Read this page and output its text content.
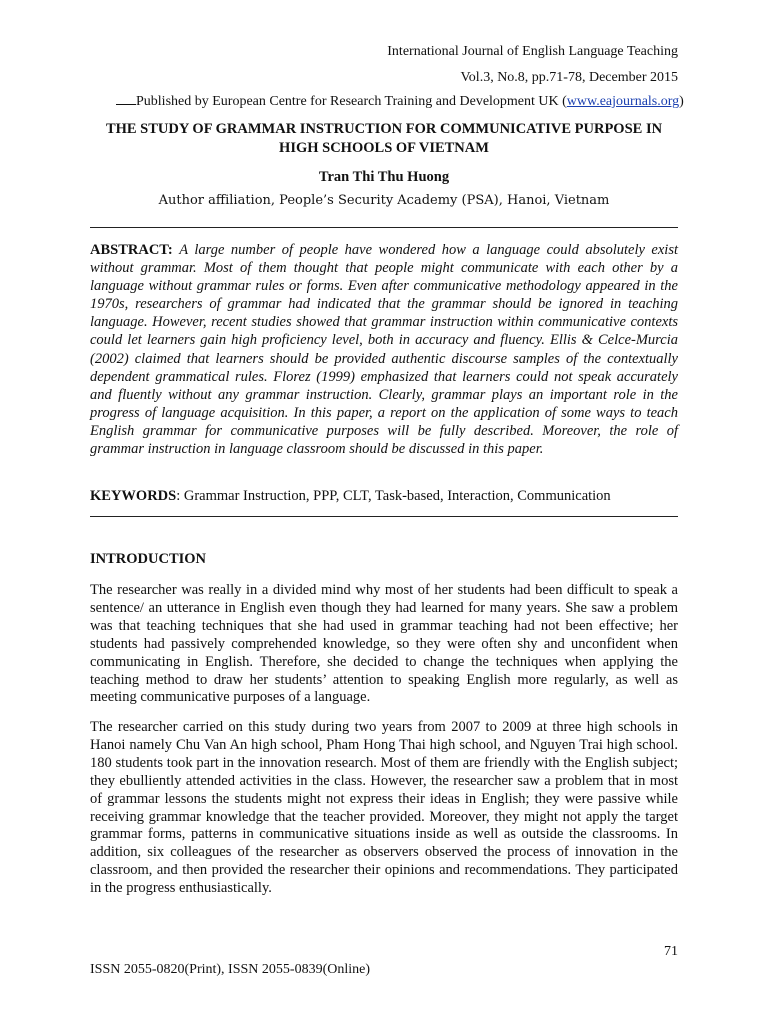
International Journal of English Language Teaching
Vol.3, No.8, pp.71-78, December 2015
Published by European Centre for Research Training and Development UK (www.eajournals.org)
THE STUDY OF GRAMMAR INSTRUCTION FOR COMMUNICATIVE PURPOSE IN HIGH SCHOOLS OF VIETNAM
Tran Thi Thu Huong
Author affiliation, People’s Security Academy (PSA), Hanoi, Vietnam
ABSTRACT: A large number of people have wondered how a language could absolutely exist without grammar. Most of them thought that people might communicate with each other by a language without grammar rules or forms. Even after communicative methodology appeared in the 1970s, researchers of grammar had indicated that the grammar should be ignored in teaching language. However, recent studies showed that grammar instruction within communicative contexts could let learners gain high proficiency level, both in accuracy and fluency. Ellis & Celce-Murcia (2002) claimed that learners should be provided authentic discourse samples of the contextually dependent grammatical rules. Florez (1999) emphasized that learners could not speak accurately and fluently without any grammar instruction. Clearly, grammar plays an important role in the progress of language acquisition. In this paper, a report on the application of some ways to teach English grammar for communicative purposes will be fully described. Moreover, the role of grammar instruction in language classroom should be discussed in this paper.
KEYWORDS: Grammar Instruction, PPP, CLT, Task-based, Interaction, Communication
INTRODUCTION
The researcher was really in a divided mind why most of her students had been difficult to speak a sentence/ an utterance in English even though they had learned for many years. She saw a problem was that teaching techniques that she had used in grammar teaching had not been effective; her students had passively comprehended knowledge, so they were often shy and unconfident when communicating in English. Therefore, she decided to change the techniques when applying the teaching method to draw her students’ attention to speaking English more regularly, as well as meeting communicative purposes of a language.
The researcher carried on this study during two years from 2007 to 2009 at three high schools in Hanoi namely Chu Van An high school, Pham Hong Thai high school, and Nguyen Trai high school. 180 students took part in the innovation research. Most of them are friendly with the English subject; they ebulliently attended activities in the class. However, the researcher saw a problem that in most of grammar lessons the students might not express their ideas in English; they were passive while receiving grammar knowledge that the teacher provided. Moreover, they might not apply the target grammar forms, patterns in communicative situations inside as well as outside the classrooms. In addition, six colleagues of the researcher as observers observed the process of innovation in the classroom, and then provided the researcher their opinions and recommendations. They participated in the progress enthusiastically.
71
ISSN 2055-0820(Print), ISSN 2055-0839(Online)
